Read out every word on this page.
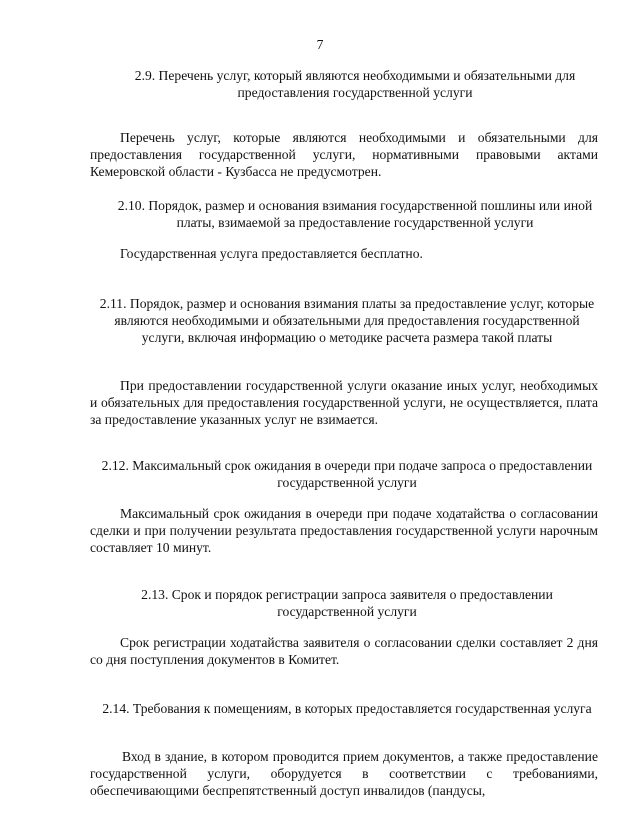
7
2.9. Перечень услуг, который являются необходимыми и обязательными для предоставления государственной услуги
Перечень услуг, которые являются необходимыми и обязательными для предоставления государственной услуги, нормативными правовыми актами Кемеровской области - Кузбасса не предусмотрен.
2.10. Порядок, размер и основания взимания государственной пошлины или иной платы, взимаемой за предоставление государственной услуги
Государственная услуга предоставляется бесплатно.
2.11. Порядок, размер и основания взимания платы за предоставление услуг, которые являются необходимыми и обязательными для предоставления государственной услуги, включая информацию о методике расчета размера такой платы
При предоставлении государственной услуги оказание иных услуг, необходимых и обязательных для предоставления государственной услуги, не осуществляется, плата за предоставление указанных услуг не взимается.
2.12. Максимальный срок ожидания в очереди при подаче запроса о предоставлении государственной услуги
Максимальный срок ожидания в очереди при подаче ходатайства о согласовании сделки и при получении результата предоставления государственной услуги нарочным составляет 10 минут.
2.13. Срок и порядок регистрации запроса заявителя о предоставлении государственной услуги
Срок регистрации ходатайства заявителя о согласовании сделки составляет 2 дня со дня поступления документов в Комитет.
2.14. Требования к помещениям, в которых предоставляется государственная услуга
Вход в здание, в котором проводится прием документов, а также предоставление государственной услуги, оборудуется в соответствии с требованиями, обеспечивающими беспрепятственный доступ инвалидов (пандусы,
